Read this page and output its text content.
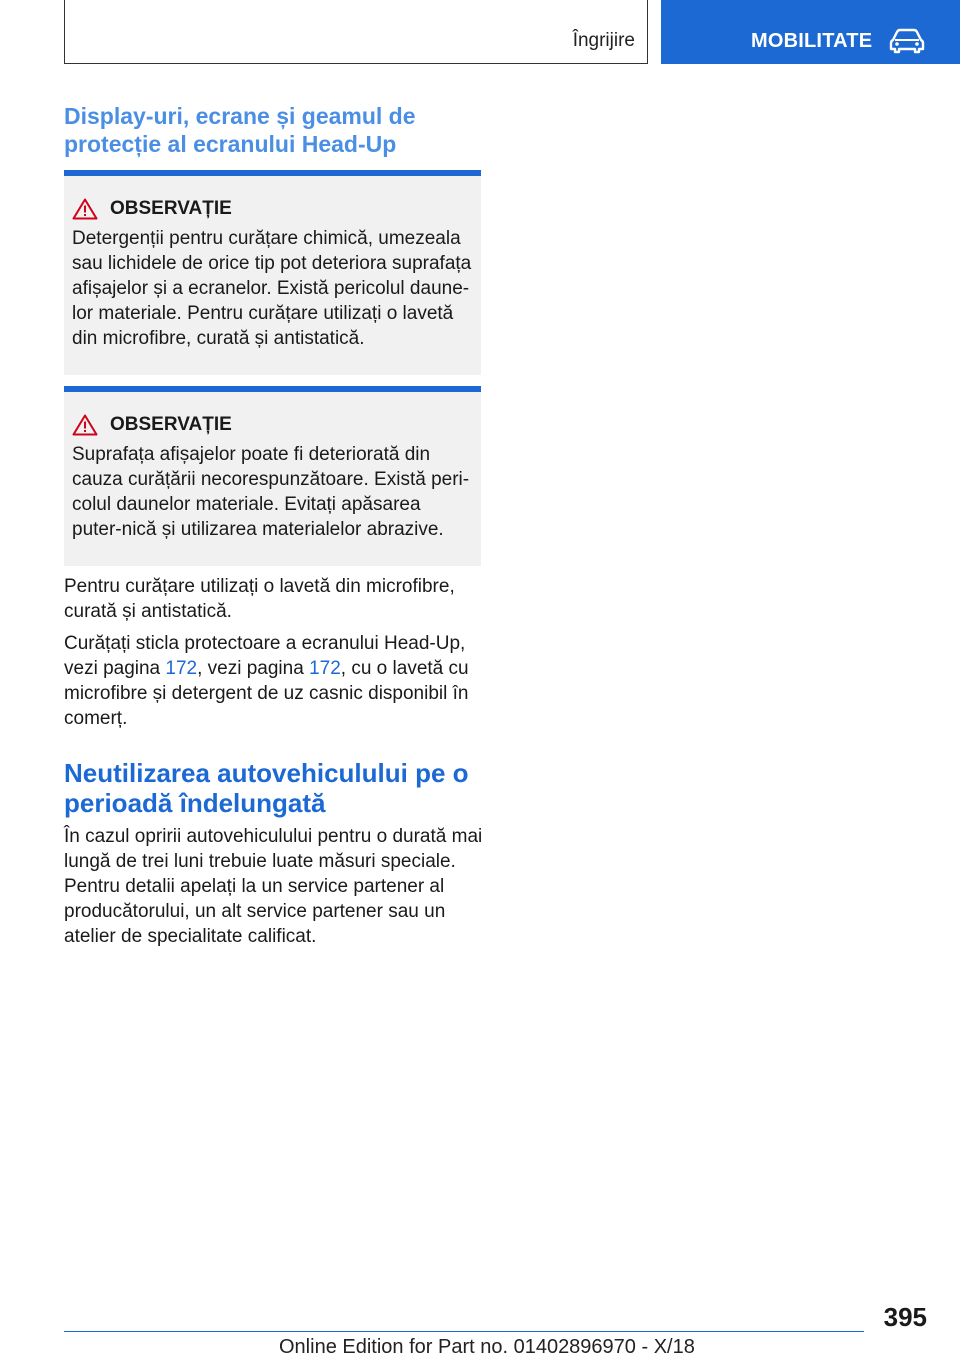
Îngrijire	MOBILITATE
Display-uri, ecrane și geamul de protecție al ecranului Head-Up
OBSERVAȚIE

Detergenții pentru curățare chimică, umezeala sau lichidele de orice tip pot deteriora suprafața afișajelor și a ecranelor. Există pericolul daune-lor materiale. Pentru curățare utilizați o lavetă din microfibre, curată și antistatică.

OBSERVAȚIE

Suprafața afișajelor poate fi deteriorată din cauza curățării necorespunzătoare. Există peri-colul daunelor materiale. Evitați apăsarea puter-nică și utilizarea materialelor abrazive.

Pentru curățare utilizați o lavetă din microfibre, curată și antistatică.

Curățați sticla protectoare a ecranului Head-Up, vezi pagina 172, vezi pagina 172, cu o lavetă cu microfibre și detergent de uz casnic disponibil în comerț.

Neutilizarea autovehiculului pe o perioadă îndelungată

În cazul opririi autovehiculului pentru o durată mai lungă de trei luni trebuie luate măsuri speciale. Pentru detalii apelați la un service partener al producătorului, un alt service partener sau un atelier de specialitate calificat.

395
Online Edition for Part no. 01402896970 - X/18
